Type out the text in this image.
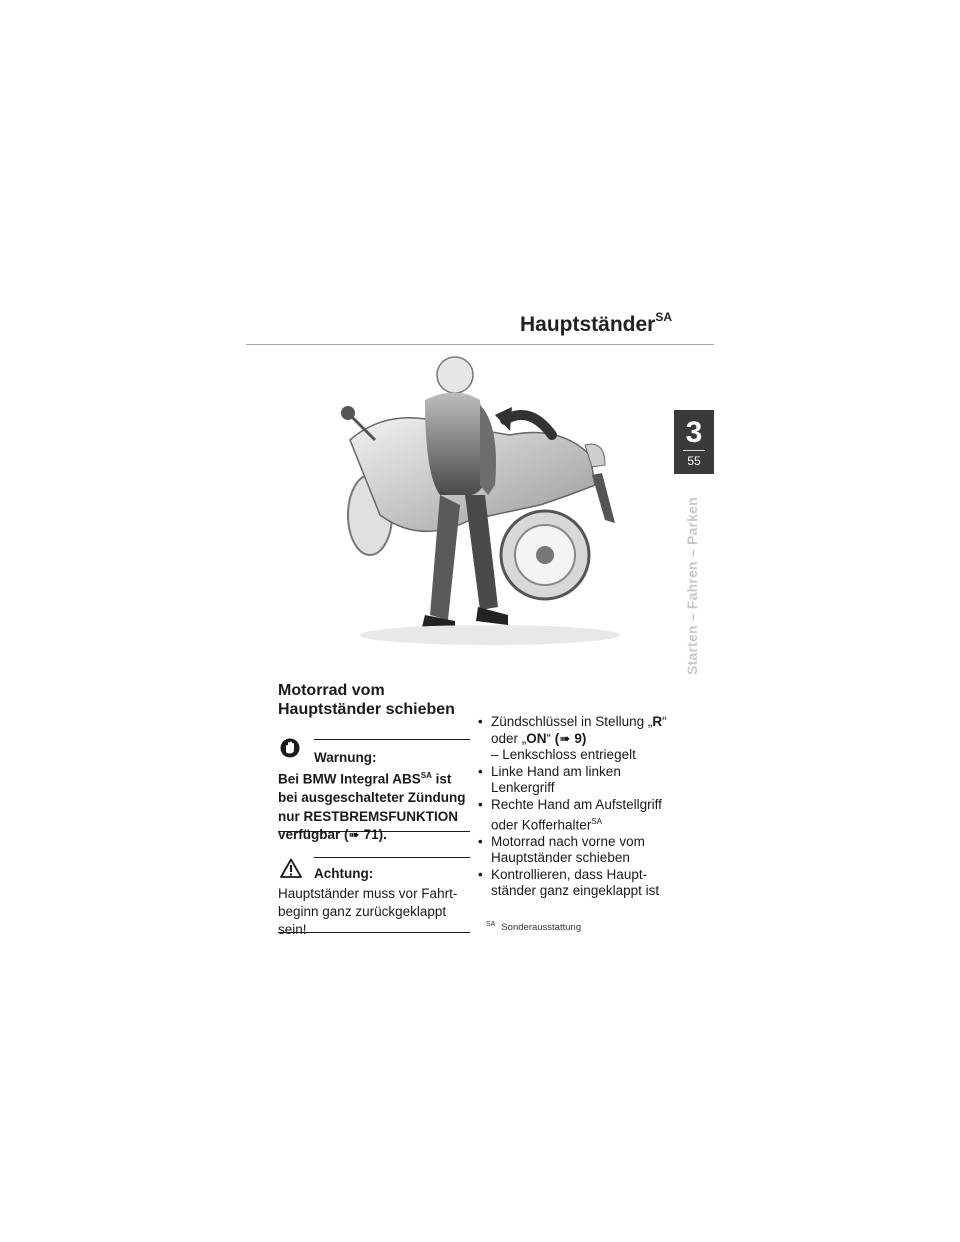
Hauptständer$^{SA}$
3
55
Starten – Fahren – Parken
Motorrad vom
Hauptständer schieben
Warnung:
Bei BMW Integral $ABS^{SA}$ ist bei ausgeschalteter Zündung nur RESTBREMSFUNKTION verfügbar (➠ 71).
Achtung:
Hauptständer muss vor Fahrt-beginn ganz zurückgeklappt sein!
• Zündschlüssel in Stellung „R“ oder „ON“ (➠ 9)
– Lenkschloss entriegelt
• Linke Hand am linken Lenkergriff
• Rechte Hand am Aufstellgriff oder Kofferhalter$^{SA}$
• Motorrad nach vorne vom Hauptständer schieben
• Kontrollieren, dass Haupt-ständer ganz eingeklappt ist
$^{SA}$ Sonderausstattung
